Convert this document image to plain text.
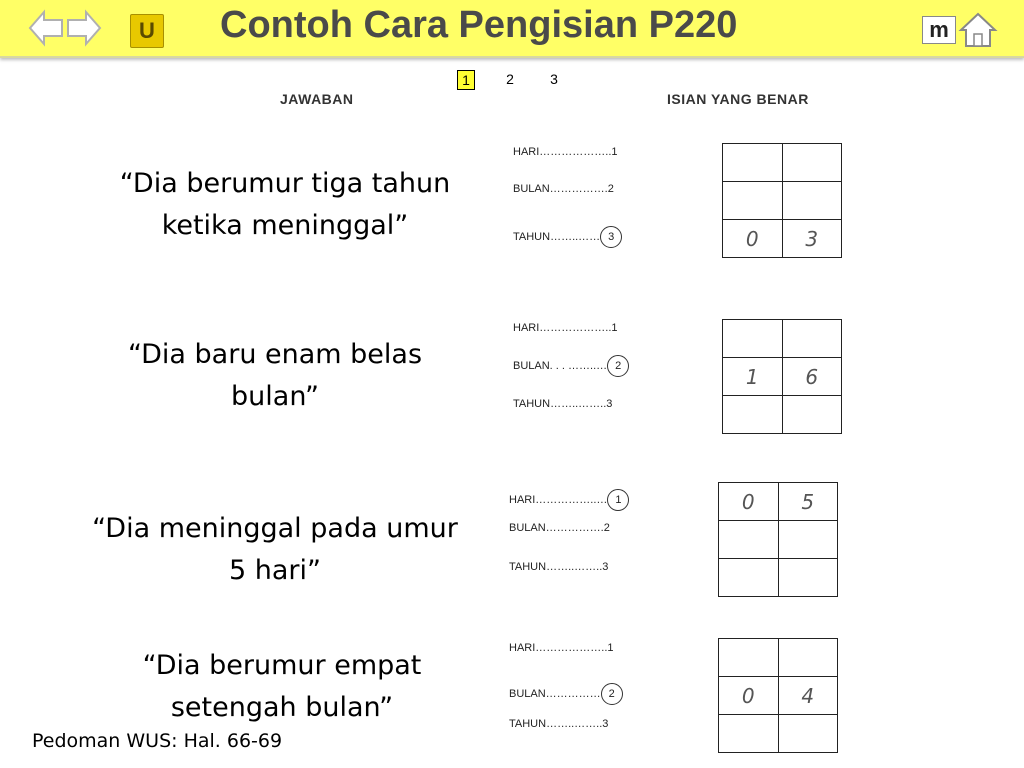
U Contoh Cara Pengisian P220	m
1	2	3
JAWABAN	ISIAN YANG BENAR
“Dia berumur tiga tahun ketika meninggal”
HARI………………..1
BULAN…………….2
TAHUN……..…… 3

		0	3
“Dia baru enam belas bulan”
HARI………………..1
BULAN. . . ……..… 2
TAHUN……..……..3

1	6

“Dia meninggal pada umur 5 hari”
HARI……………..… 1
BULAN…………….2
TAHUN……..……..3
0	5

“Dia berumur empat setengah bulan”
HARI………………..1
BULAN…………… 2
TAHUN……..……..3

0	4

Pedoman WUS: Hal. 66-69
